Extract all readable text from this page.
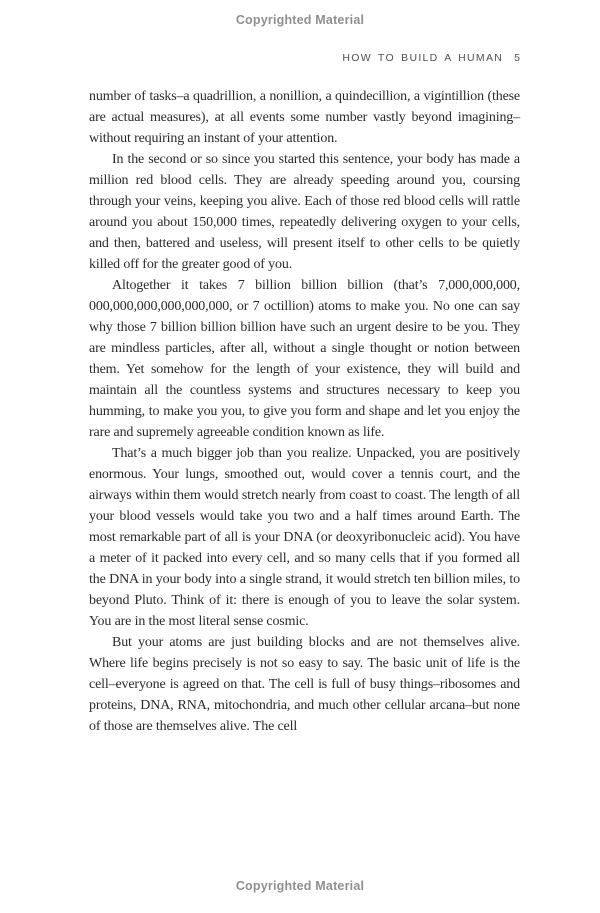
Copyrighted Material
HOW TO BUILD A HUMAN 5

number of tasks–a quadrillion, a nonillion, a quindecillion, a vigintillion (these are actual measures), at all events some number vastly beyond imagining–without requiring an instant of your attention.

In the second or so since you started this sentence, your body has made a million red blood cells. They are already speeding around you, coursing through your veins, keeping you alive. Each of those red blood cells will rattle around you about 150,000 times, repeatedly delivering oxygen to your cells, and then, battered and useless, will present itself to other cells to be quietly killed off for the greater good of you.

Altogether it takes 7 billion billion billion (that’s 7,000,000,000,​000,000,000,​000,000,000, or 7 octillion) atoms to make you. No one can say why those 7 billion billion billion have such an urgent desire to be you. They are mindless particles, after all, without a single thought or notion between them. Yet somehow for the length of your existence, they will build and maintain all the countless systems and structures necessary to keep you humming, to make you you, to give you form and shape and let you enjoy the rare and supremely agreeable condition known as life.

That’s a much bigger job than you realize. Unpacked, you are positively enormous. Your lungs, smoothed out, would cover a tennis court, and the airways within them would stretch nearly from coast to coast. The length of all your blood vessels would take you two and a half times around Earth. The most remarkable part of all is your DNA (or deoxyribonucleic acid). You have a meter of it packed into every cell, and so many cells that if you formed all the DNA in your body into a single strand, it would stretch ten billion miles, to beyond Pluto. Think of it: there is enough of you to leave the solar system. You are in the most literal sense cosmic.

But your atoms are just building blocks and are not themselves alive. Where life begins precisely is not so easy to say. The basic unit of life is the cell–everyone is agreed on that. The cell is full of busy things–ribosomes and proteins, DNA, RNA, mitochondria, and much other cellular arcana–but none of those are themselves alive. The cell

Copyrighted Material
